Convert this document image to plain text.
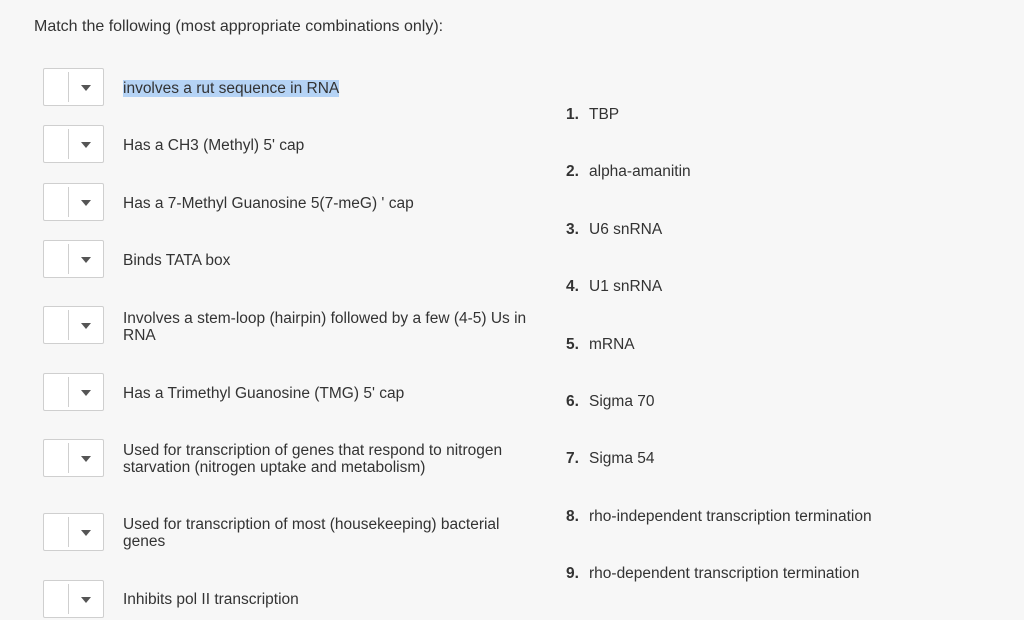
Match the following (most appropriate combinations only):
involves a rut sequence in RNA
Has a CH3 (Methyl) 5' cap
Has a 7-Methyl Guanosine 5(7-meG) ' cap
Binds TATA box
Involves a stem-loop (hairpin) followed by a few (4-5) Us in RNA
Has a Trimethyl Guanosine (TMG) 5' cap
Used for transcription of genes that respond to nitrogen starvation (nitrogen uptake and metabolism)
Used for transcription of most (housekeeping) bacterial genes
Inhibits pol II transcription
1. TBP
2. alpha-amanitin
3. U6 snRNA
4. U1 snRNA
5. mRNA
6. Sigma 70
7. Sigma 54
8. rho-independent transcription termination
9. rho-dependent transcription termination
